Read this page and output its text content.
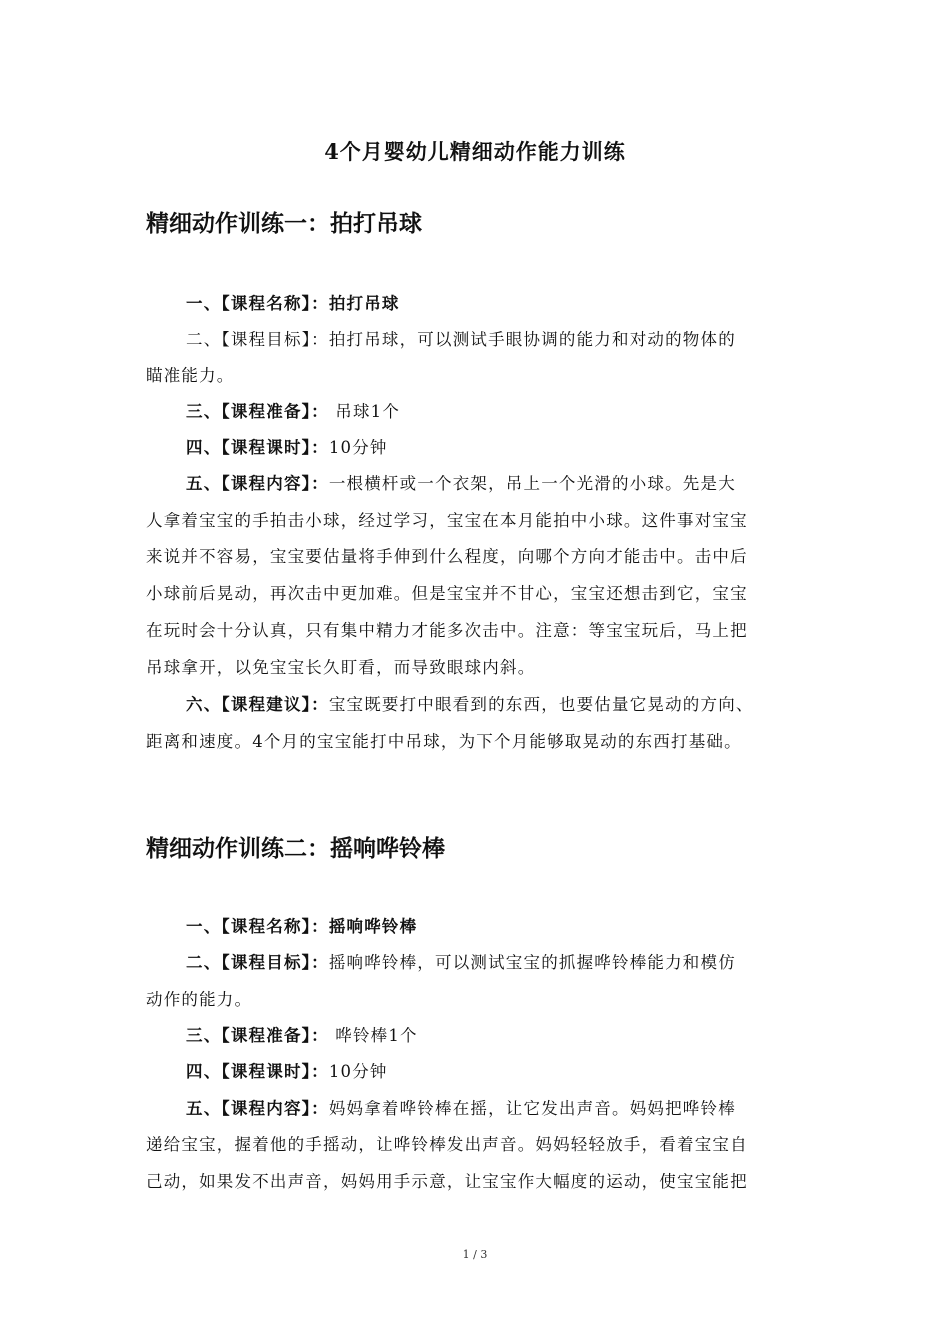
4个月婴幼儿精细动作能力训练
精细动作训练一：拍打吊球
一、【课程名称】：拍打吊球
二、【课程目标】：拍打吊球，可以测试手眼协调的能力和对动的物体的
瞄准能力。
三、【课程准备】： 吊球1个
四、【课程课时】：10分钟
五、【课程内容】：一根横杆或一个衣架，吊上一个光滑的小球。先是大
人拿着宝宝的手拍击小球，经过学习，宝宝在本月能拍中小球。这件事对宝宝
来说并不容易，宝宝要估量将手伸到什么程度，向哪个方向才能击中。击中后
小球前后晃动，再次击中更加难。但是宝宝并不甘心，宝宝还想击到它，宝宝
在玩时会十分认真，只有集中精力才能多次击中。注意：等宝宝玩后，马上把
吊球拿开，以免宝宝长久盯看，而导致眼球内斜。
六、【课程建议】：宝宝既要打中眼看到的东西，也要估量它晃动的方向、
距离和速度。4个月的宝宝能打中吊球，为下个月能够取晃动的东西打基础。
精细动作训练二：摇响哗铃棒
一、【课程名称】：摇响哗铃棒
二、【课程目标】：摇响哗铃棒，可以测试宝宝的抓握哗铃棒能力和模仿
动作的能力。
三、【课程准备】： 哗铃棒1个
四、【课程课时】：10分钟
五、【课程内容】：妈妈拿着哗铃棒在摇，让它发出声音。妈妈把哗铃棒
递给宝宝，握着他的手摇动，让哗铃棒发出声音。妈妈轻轻放手，看着宝宝自
己动，如果发不出声音，妈妈用手示意，让宝宝作大幅度的运动，使宝宝能把
1 / 3
